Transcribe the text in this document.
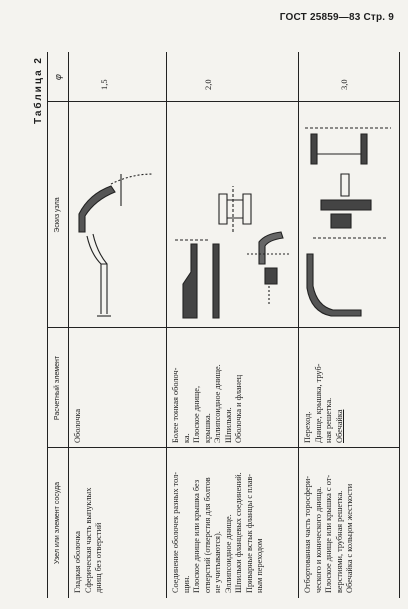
ГОСТ 25859—83 Стр. 9
Таблица 2
Узел или элемент сосуда
Расчетный элемент
Эскиз узла
φ
Гладкая оболочка Сферическая часть выпуклых днищ без отверстий
Оболочка
1,5
Соединение оболочек разных тол- щин. Плоское днище или крышка без отверстий (отверстия для болтов не учитываются). Эллипсоидное днище. Шпильки фланцевых соединений. Приварные встык фланцы с плав- ным переходом
Более тонкая оболоч- ка. Плоское днище, крышка. Эллипсоидное днище. Шпильки. Оболочка и фланец
2,0
Отбортованная часть торосфери- ческого и конического днища. Плоское днище или крышка с от- верстиями, трубная решетка. Обечайка с кольцом жесткости
Переход. Днище, крышка, труб- ная решетка. Обечайка
3,0
